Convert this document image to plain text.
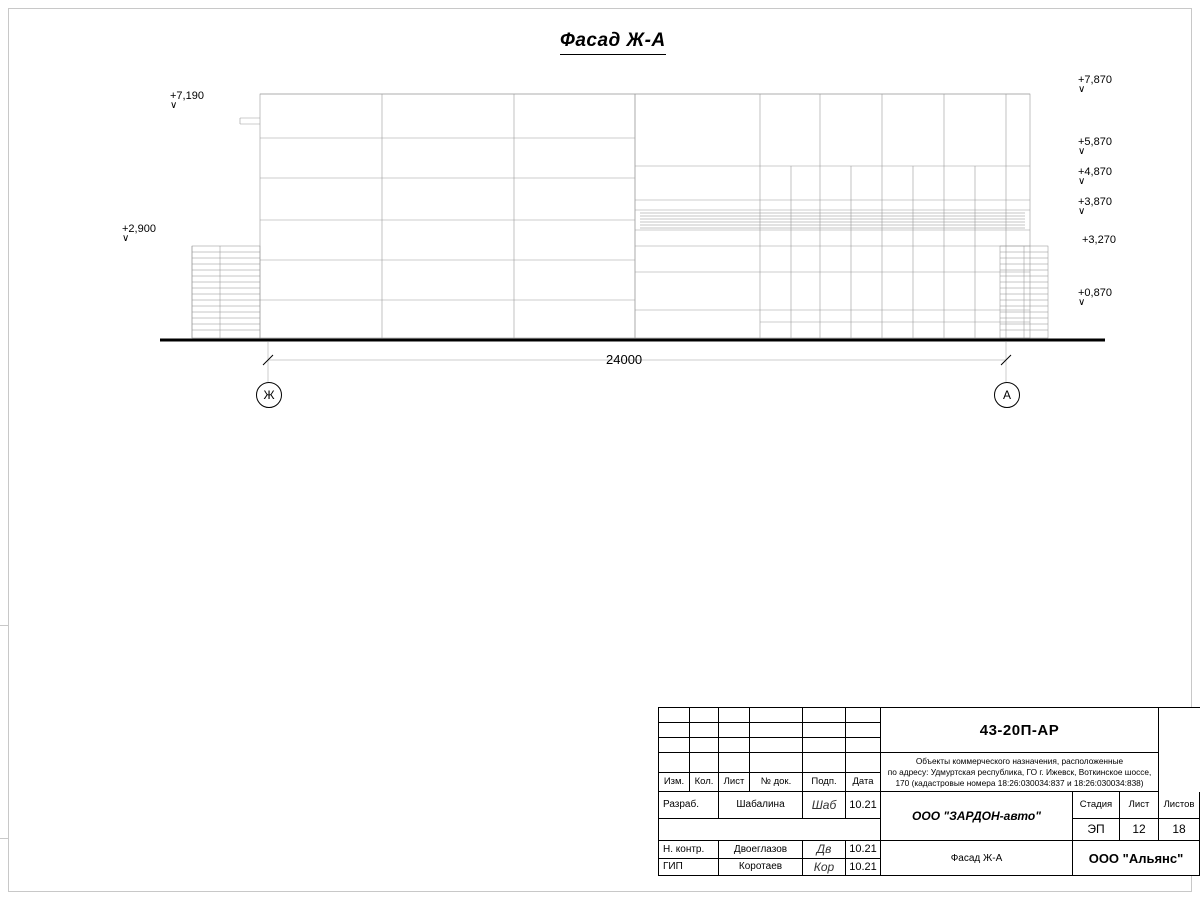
Фасад Ж-А
+7,190
∨
+2,900
∨
+7,870
∨
+5,870
∨
+4,870
∨
+3,870
∨
+3,270
+0,870
∨
24000
Ж	А
						43-20П-АР			

						Объекты коммерческого назначения, расположенные
по адресу: Удмуртская республика, ГО г. Ижевск, Воткинское шоссе,
170 (кадастровые номера 18:26:030034:837 и 18:26:030034:838)			

Изм.	Кол.	Лист	№ док.	Подп.	Дата				
Разраб.		Шабалина		Шаб	10.21	ООО "ЗАРДОН-авто"	Стадия	Лист	Листов
							ЭП	12	18
Н. контр.		Двоеглазов		Дв	10.21	Фасад Ж-А	ООО "Альянс"		
ГИП		Коротаев		Кор	10.21				
